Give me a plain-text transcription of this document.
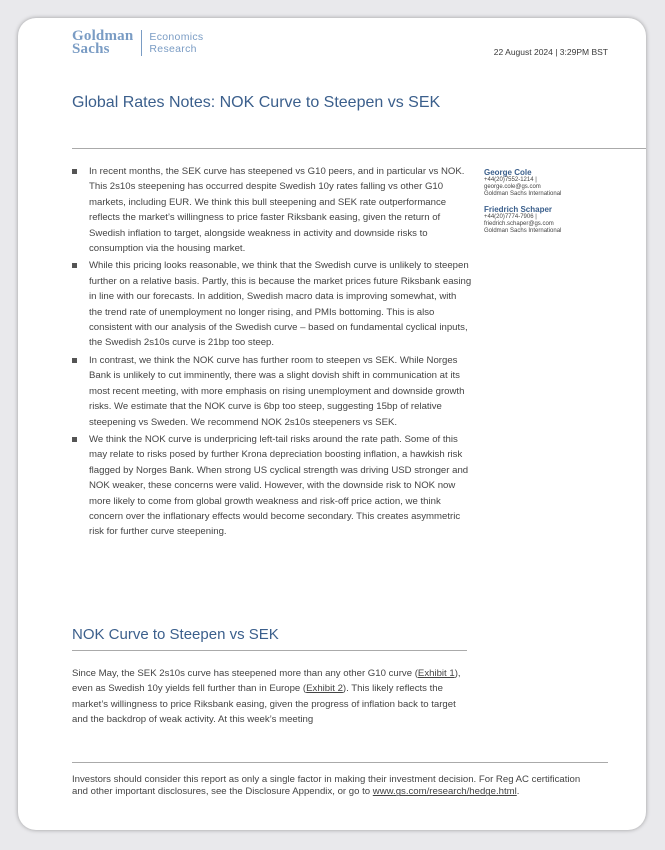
Goldman
Sachs
Economics
Research	22 August 2024 | 3:29PM BST
Global Rates Notes: NOK Curve to Steepen vs SEK
In recent months, the SEK curve has steepened vs G10 peers, and in particular vs NOK. This 2s10s steepening has occurred despite Swedish 10y rates falling vs other G10 markets, including EUR. We think this bull steepening and SEK rate outperformance reflects the market’s willingness to price faster Riksbank easing, given the return of Swedish inflation to target, alongside weakness in activity and downside risks to consumption via the housing market.
While this pricing looks reasonable, we think that the Swedish curve is unlikely to steepen further on a relative basis. Partly, this is because the market prices future Riksbank easing in line with our forecasts. In addition, Swedish macro data is improving somewhat, with the trend rate of unemployment no longer rising, and PMIs bottoming. This is also consistent with our analysis of the Swedish curve – based on fundamental cyclical inputs, the Swedish 2s10s curve is 21bp too steep.
In contrast, we think the NOK curve has further room to steepen vs SEK. While Norges Bank is unlikely to cut imminently, there was a slight dovish shift in communication at its most recent meeting, with more emphasis on rising unemployment and downside growth risks. We estimate that the NOK curve is 6bp too steep, suggesting 15bp of relative steepening vs Sweden. We recommend NOK 2s10s steepeners vs SEK.
We think the NOK curve is underpricing left-tail risks around the rate path. Some of this may relate to risks posed by further Krona depreciation boosting inflation, a hawkish risk flagged by Norges Bank. When strong US cyclical strength was driving USD stronger and NOK weaker, these concerns were valid. However, with the downside risk to NOK now more likely to come from global growth weakness and risk-off price action, we think concern over the inflationary effects would become secondary. This creates asymmetric risk for further curve steepening.
George Cole
+44(20)7552-1214 |
george.cole@gs.com
Goldman Sachs International
Friedrich Schaper
+44(20)7774-7906 |
friedrich.schaper@gs.com
Goldman Sachs International
NOK Curve to Steepen vs SEK
Since May, the SEK 2s10s curve has steepened more than any other G10 curve (Exhibit 1), even as Swedish 10y yields fell further than in Europe (Exhibit 2). This likely reflects the market’s willingness to price Riksbank easing, given the progress of inflation back to target and the backdrop of weak activity. At this week’s meeting
Investors should consider this report as only a single factor in making their investment decision. For Reg AC certification and other important disclosures, see the Disclosure Appendix, or go to www.gs.com/research/hedge.html.
